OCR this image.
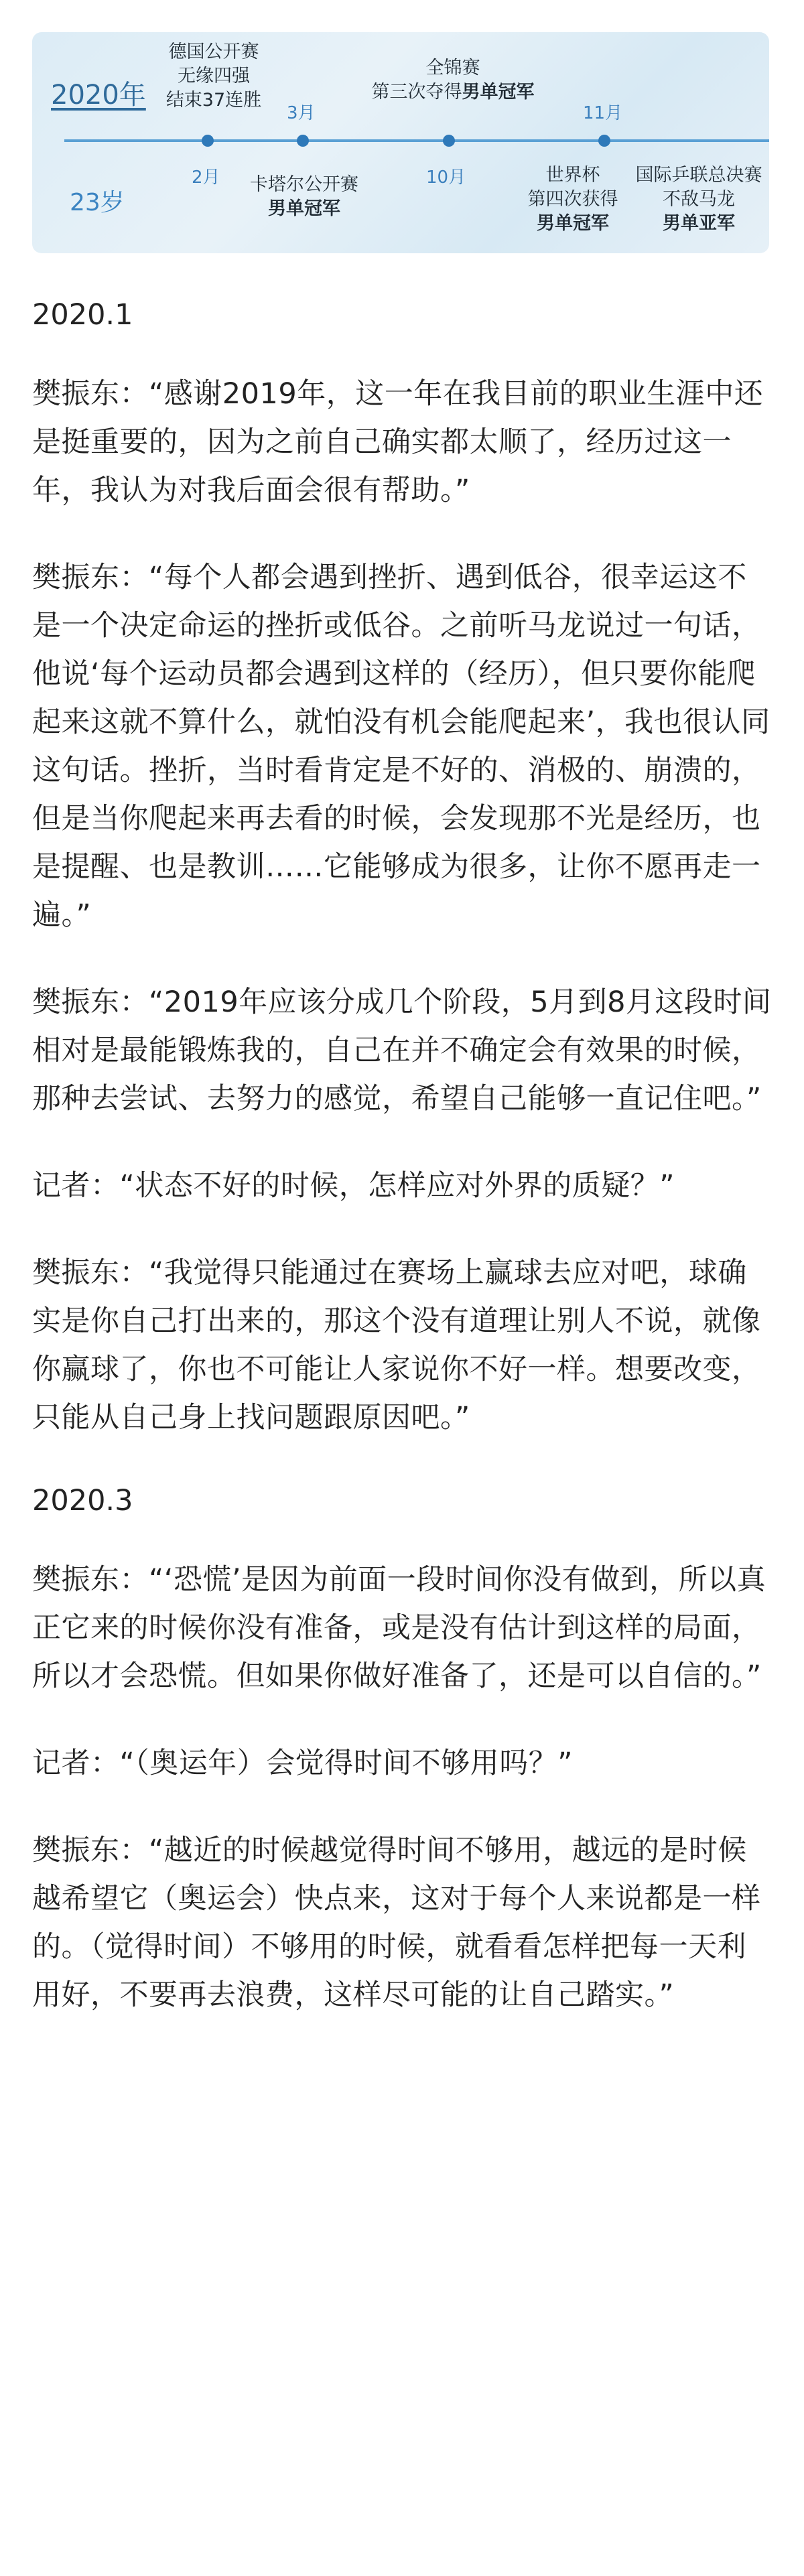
2020年
23岁
2月
3月
10月
11月
德国公开赛
无缘四强
结束37连胜
卡塔尔公开赛
男单冠军
全锦赛
第三次夺得男单冠军
世界杯
第四次获得
男单冠军
国际乒联总决赛
不敌马龙
男单亚军
2020.1

樊振东：“感谢2019年，这一年在我目前的职业生涯中还是挺重要的，因为之前自己确实都太顺了，经历过这一年，我认为对我后面会很有帮助。”

樊振东：“每个人都会遇到挫折、遇到低谷，很幸运这不是一个决定命运的挫折或低谷。之前听马龙说过一句话，他说‘每个运动员都会遇到这样的（经历），但只要你能爬起来这就不算什么，就怕没有机会能爬起来’，我也很认同这句话。挫折，当时看肯定是不好的、消极的、崩溃的，但是当你爬起来再去看的时候，会发现那不光是经历，也是提醒、也是教训……它能够成为很多，让你不愿再走一遍。”

樊振东：“2019年应该分成几个阶段，5月到8月这段时间相对是最能锻炼我的，自己在并不确定会有效果的时候，那种去尝试、去努力的感觉，希望自己能够一直记住吧。”

记者：“状态不好的时候，怎样应对外界的质疑？”

樊振东：“我觉得只能通过在赛场上赢球去应对吧，球确实是你自己打出来的，那这个没有道理让别人不说，就像你赢球了，你也不可能让人家说你不好一样。想要改变，只能从自己身上找问题跟原因吧。”

2020.3

樊振东：“‘恐慌’是因为前面一段时间你没有做到，所以真正它来的时候你没有准备，或是没有估计到这样的局面，所以才会恐慌。但如果你做好准备了，还是可以自信的。”

记者：“（奥运年）会觉得时间不够用吗？”

樊振东：“越近的时候越觉得时间不够用，越远的是时候越希望它（奥运会）快点来，这对于每个人来说都是一样的。（觉得时间）不够用的时候，就看看怎样把每一天利用好，不要再去浪费，这样尽可能的让自己踏实。”
